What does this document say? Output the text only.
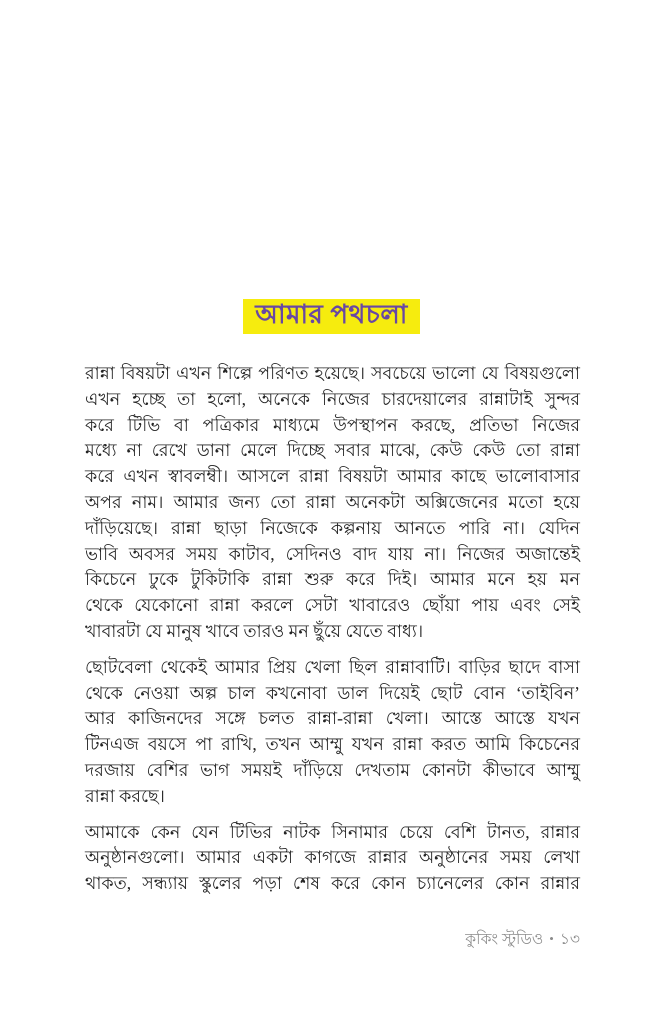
আমার পথচলা
রান্না বিষয়টা এখন শিল্পে পরিণত হয়েছে। সবচেয়ে ভালো যে বিষয়গুলো
এখন হচ্ছে তা হলো, অনেকে নিজের চারদেয়ালের রান্নাটাই সুন্দর
করে টিভি বা পত্রিকার মাধ্যমে উপস্থাপন করছে, প্রতিভা নিজের
মধ্যে না রেখে ডানা মেলে দিচ্ছে সবার মাঝে, কেউ কেউ তো রান্না
করে এখন স্বাবলম্বী। আসলে রান্না বিষয়টা আমার কাছে ভালোবাসার
অপর নাম। আমার জন্য তো রান্না অনেকটা অক্সিজেনের মতো হয়ে
দাঁড়িয়েছে। রান্না ছাড়া নিজেকে কল্পনায় আনতে পারি না। যেদিন
ভাবি অবসর সময় কাটাব, সেদিনও বাদ যায় না। নিজের অজান্তেই
কিচেনে ঢুকে টুকিটাকি রান্না শুরু করে দিই। আমার মনে হয় মন
থেকে যেকোনো রান্না করলে সেটা খাবারেও ছোঁয়া পায় এবং সেই
খাবারটা যে মানুষ খাবে তারও মন ছুঁয়ে যেতে বাধ্য।
ছোটবেলা থেকেই আমার প্রিয় খেলা ছিল রান্নাবাটি। বাড়ির ছাদে বাসা
থেকে নেওয়া অল্প চাল কখনোবা ডাল দিয়েই ছোট বোন ‘তাইবিন’
আর কাজিনদের সঙ্গে চলত রান্না-রান্না খেলা। আস্তে আস্তে যখন
টিনএজ বয়সে পা রাখি, তখন আম্মু যখন রান্না করত আমি কিচেনের
দরজায় বেশির ভাগ সময়ই দাঁড়িয়ে দেখতাম কোনটা কীভাবে আম্মু
রান্না করছে।
আমাকে কেন যেন টিভির নাটক সিনামার চেয়ে বেশি টানত, রান্নার
অনুষ্ঠানগুলো। আমার একটা কাগজে রান্নার অনুষ্ঠানের সময় লেখা
থাকত, সন্ধ্যায় স্কুলের পড়া শেষ করে কোন চ্যানেলের কোন রান্নার
কুকিং স্টুডিও • ১৩
